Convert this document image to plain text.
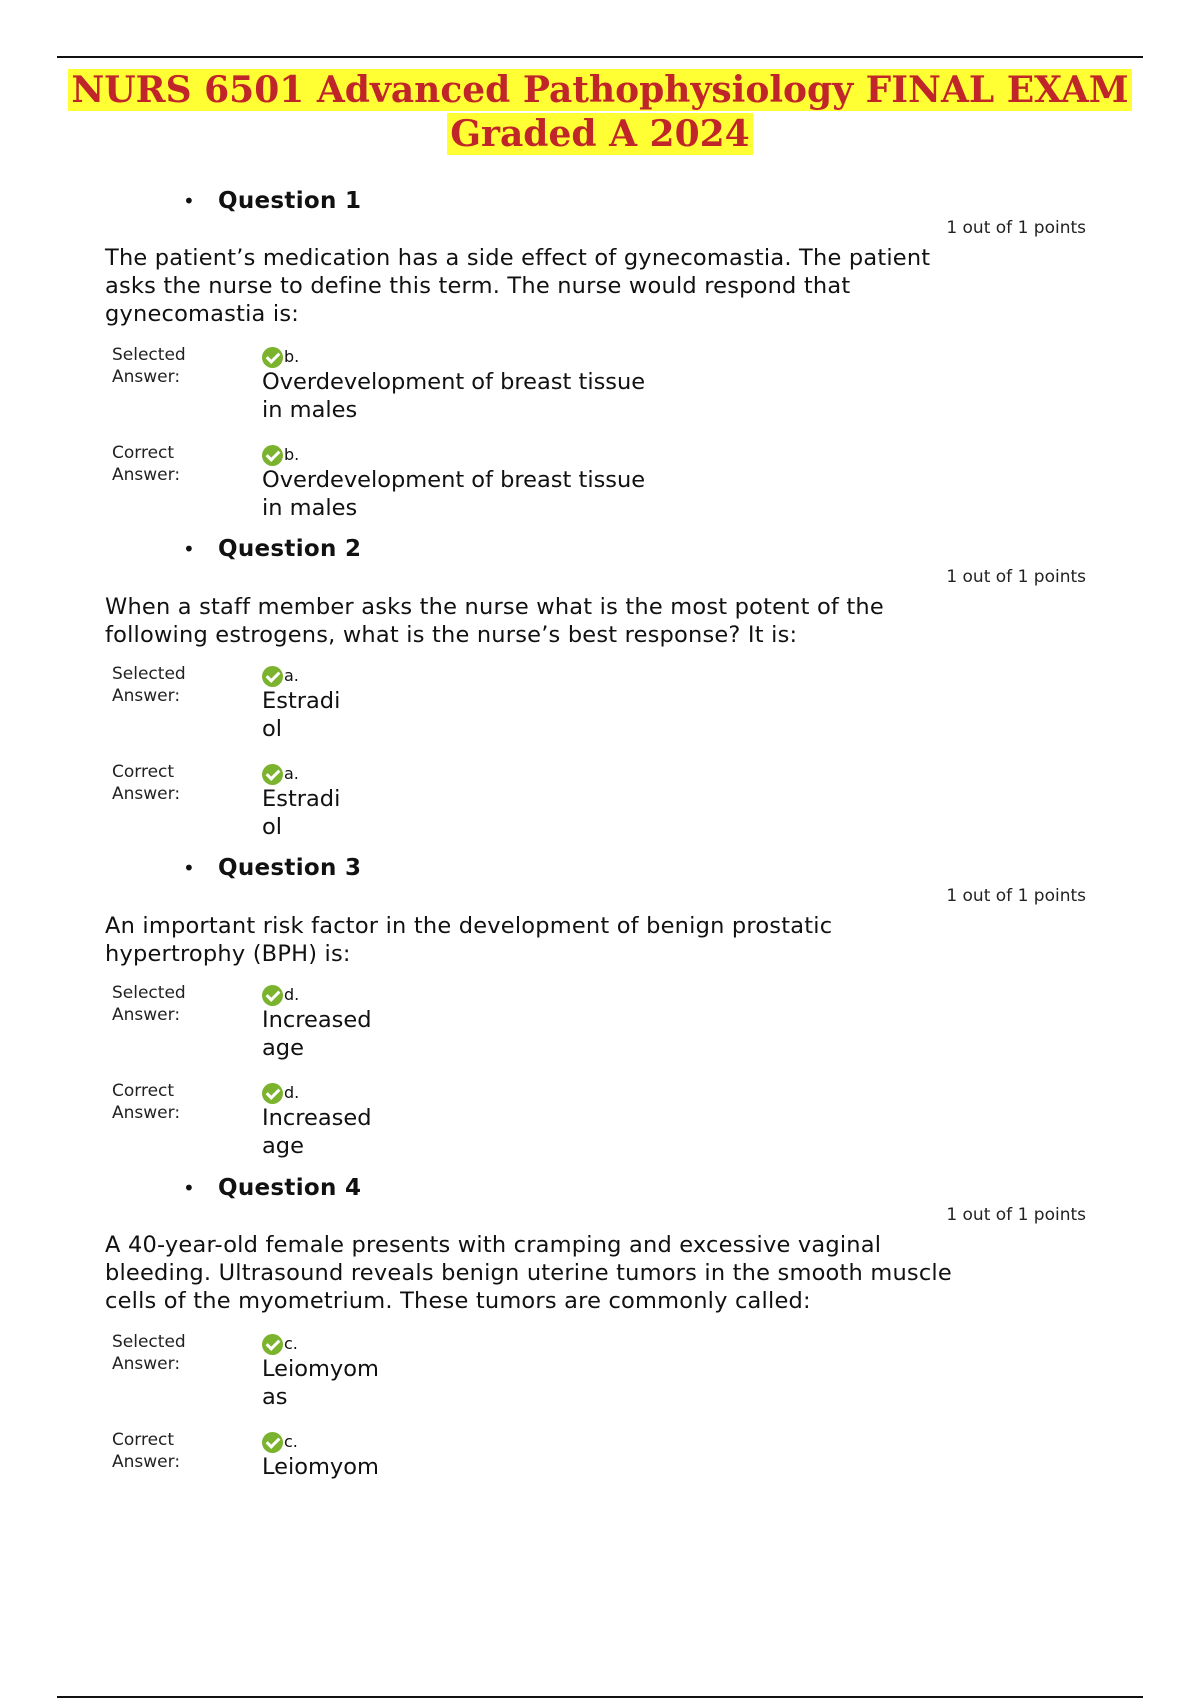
NURS 6501 Advanced Pathophysiology FINAL EXAM Graded A 2024
• Question 1
1 out of 1 points
The patient’s medication has a side effect of gynecomastia. The patient
asks the nurse to define this term. The nurse would respond that
gynecomastia is:
Selected
Answer:
b.
Overdevelopment of breast tissue
in males
Correct
Answer:
b.
Overdevelopment of breast tissue
in males
• Question 2
1 out of 1 points
When a staff member asks the nurse what is the most potent of the
following estrogens, what is the nurse’s best response? It is:
Selected
Answer:
a.
Estradi
ol
Correct
Answer:
a.
Estradi
ol
• Question 3
1 out of 1 points
An important risk factor in the development of benign prostatic
hypertrophy (BPH) is:
Selected
Answer:
d.
Increased
age
Correct
Answer:
d.
Increased
age
• Question 4
1 out of 1 points
A 40-year-old female presents with cramping and excessive vaginal
bleeding. Ultrasound reveals benign uterine tumors in the smooth muscle
cells of the myometrium. These tumors are commonly called:
Selected
Answer:
c.
Leiomyom
as
Correct
Answer:
c.
Leiomyom
